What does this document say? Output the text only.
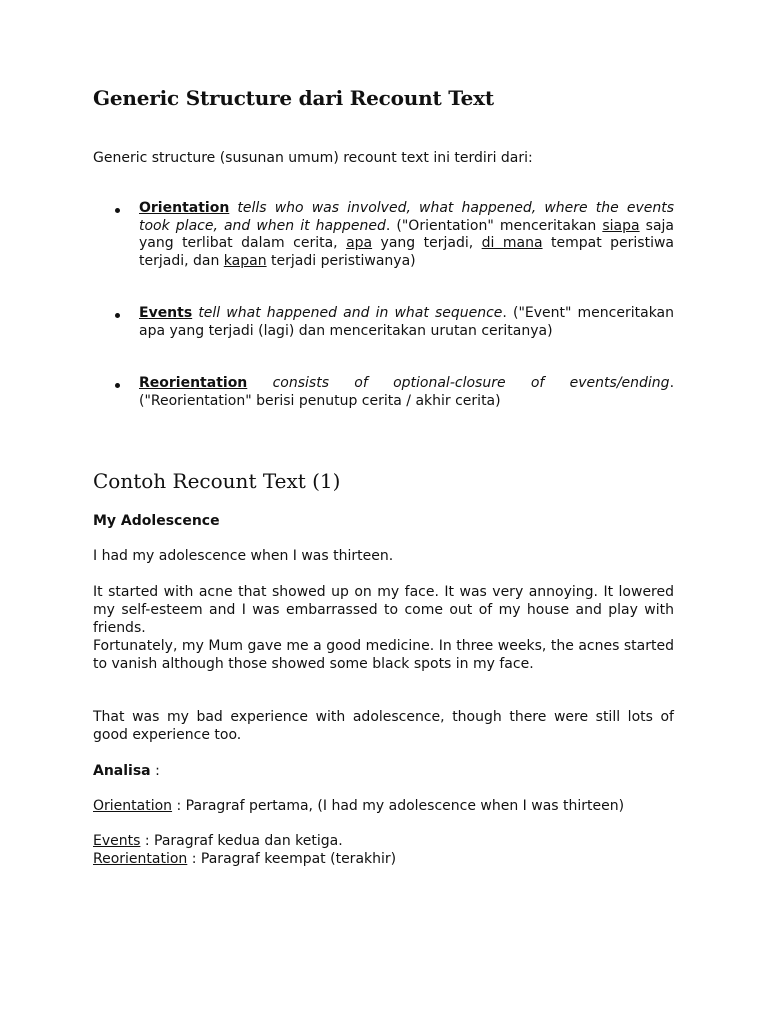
Generic Structure dari Recount Text

Generic structure (susunan umum) recount text ini terdiri dari:

Orientation tells who was involved, what happened, where the events took place, and when it happened. ("Orientation" menceritakan siapa saja yang terlibat dalam cerita, apa yang terjadi, di mana tempat peristiwa terjadi, dan kapan terjadi peristiwanya)
Events tell what happened and in what sequence. ("Event" menceritakan apa yang terjadi (lagi) dan menceritakan urutan ceritanya)
Reorientation consists of optional-closure of events/ending. ("Reorientation" berisi penutup cerita / akhir cerita)
Contoh Recount Text (1)

My Adolescence

I had my adolescence when I was thirteen.

It started with acne that showed up on my face. It was very annoying. It lowered my self-esteem and I was embarrassed to come out of my house and play with friends.

Fortunately, my Mum gave me a good medicine. In three weeks, the acnes started to vanish although those showed some black spots in my face.

That was my bad experience with adolescence, though there were still lots of good experience too.

Analisa :

Orientation : Paragraf pertama, (I had my adolescence when I was thirteen)

Events : Paragraf kedua dan ketiga.

Reorientation : Paragraf keempat (terakhir)
